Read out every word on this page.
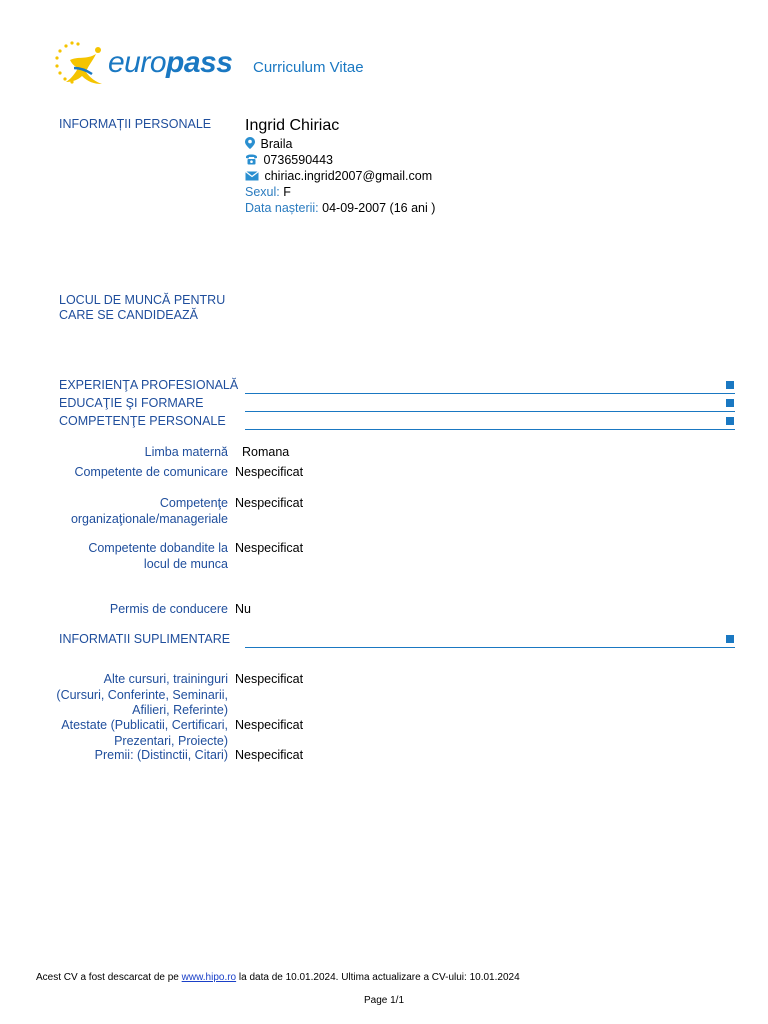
europass Curriculum Vitae
INFORMAȚII PERSONALE Ingrid Chiriac
Braila
0736590443
chiriac.ingrid2007@gmail.com
Sexul: F
Data nașterii: 04-09-2007 (16 ani )
LOCUL DE MUNCĂ PENTRU
CARE SE CANDIDEAZĂ
EXPERIENŢA PROFESIONALĂ
EDUCAŢIE ŞI FORMARE
COMPETENŢE PERSONALE
Limba maternă Romana
Competente de comunicare Nespecificat
Competenţe
organizaţionale/manageriale
Nespecificat
Competente dobandite la
locul de munca
Nespecificat
Permis de conducere Nu
INFORMATII SUPLIMENTARE
Alte cursuri, traininguri
(Cursuri, Conferinte, Seminarii,
Afilieri, Referinte)
Nespecificat
Atestate (Publicatii, Certificari,
Prezentari, Proiecte)
Nespecificat
Premii: (Distinctii, Citari) Nespecificat
Acest CV a fost descarcat de pe www.hipo.ro la data de 10.01.2024. Ultima actualizare a CV-ului: 10.01.2024
Page 1/1
